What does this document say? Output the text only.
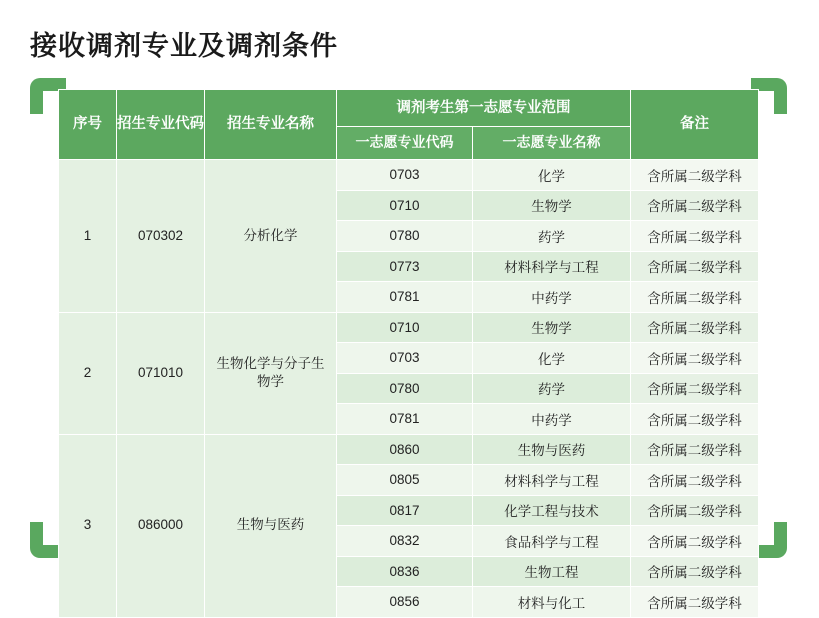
接收调剂专业及调剂条件
序号	招生专业代码	招生专业名称	调剂考生第一志愿专业范围		备注
			一志愿专业代码	一志愿专业名称	
1	070302	分析化学	0703	化学	含所属二级学科
			0710	生物学	含所属二级学科
			0780	药学	含所属二级学科
			0773	材料科学与工程	含所属二级学科
			0781	中药学	含所属二级学科
2	071010	生物化学与分子生物学	0710	生物学	含所属二级学科
			0703	化学	含所属二级学科
			0780	药学	含所属二级学科
			0781	中药学	含所属二级学科
3	086000	生物与医药	0860	生物与医药	含所属二级学科
			0805	材料科学与工程	含所属二级学科
			0817	化学工程与技术	含所属二级学科
			0832	食品科学与工程	含所属二级学科
			0836	生物工程	含所属二级学科
			0856	材料与化工	含所属二级学科
